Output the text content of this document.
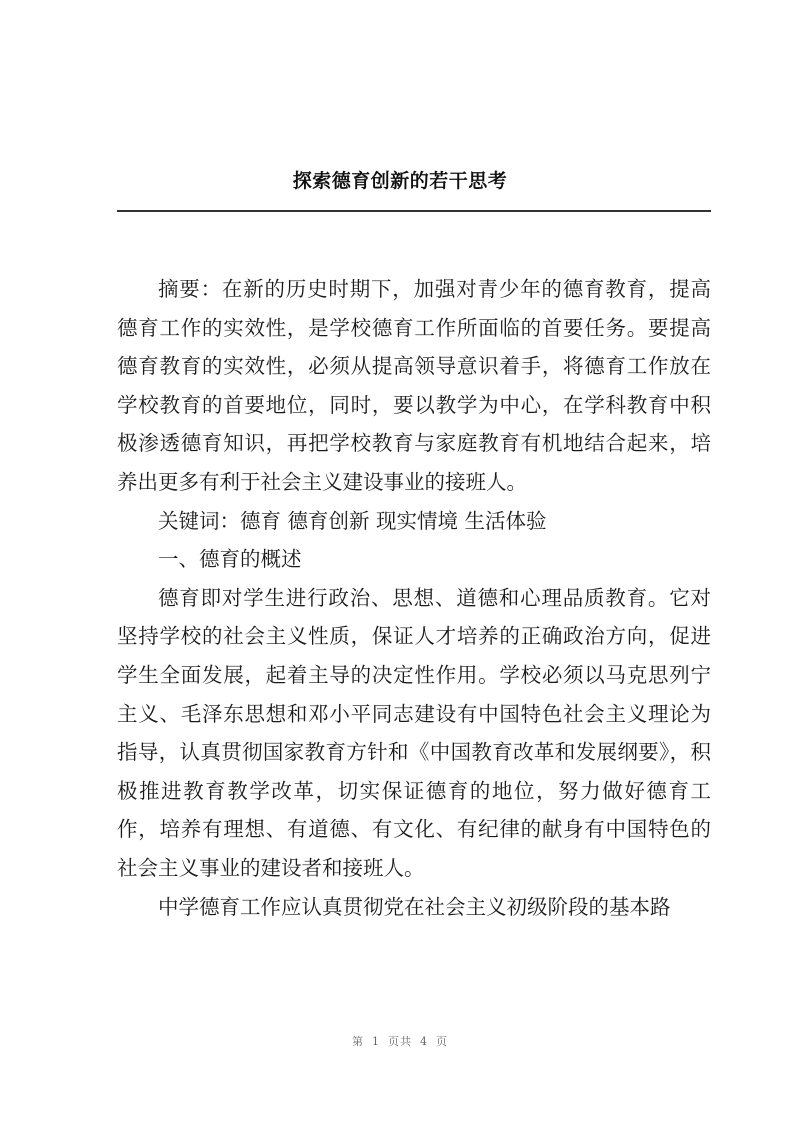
探索德育创新的若干思考

摘要：在新的历史时期下，加强对青少年的德育教育，提高德育工作的实效性，是学校德育工作所面临的首要任务。要提高德育教育的实效性，必须从提高领导意识着手，将德育工作放在学校教育的首要地位，同时，要以教学为中心，在学科教育中积极渗透德育知识，再把学校教育与家庭教育有机地结合起来，培养出更多有利于社会主义建设事业的接班人。

关键词：德育 德育创新 现实情境 生活体验

一、德育的概述

德育即对学生进行政治、思想、道德和心理品质教育。它对坚持学校的社会主义性质，保证人才培养的正确政治方向，促进学生全面发展，起着主导的决定性作用。学校必须以马克思列宁主义、毛泽东思想和邓小平同志建设有中国特色社会主义理论为指导，认真贯彻国家教育方针和《中国教育改革和发展纲要》，积极推进教育教学改革，切实保证德育的地位，努力做好德育工作，培养有理想、有道德、有文化、有纪律的献身有中国特色的社会主义事业的建设者和接班人。

中学德育工作应认真贯彻党在社会主义初级阶段的基本路

第 1 页共 4 页
